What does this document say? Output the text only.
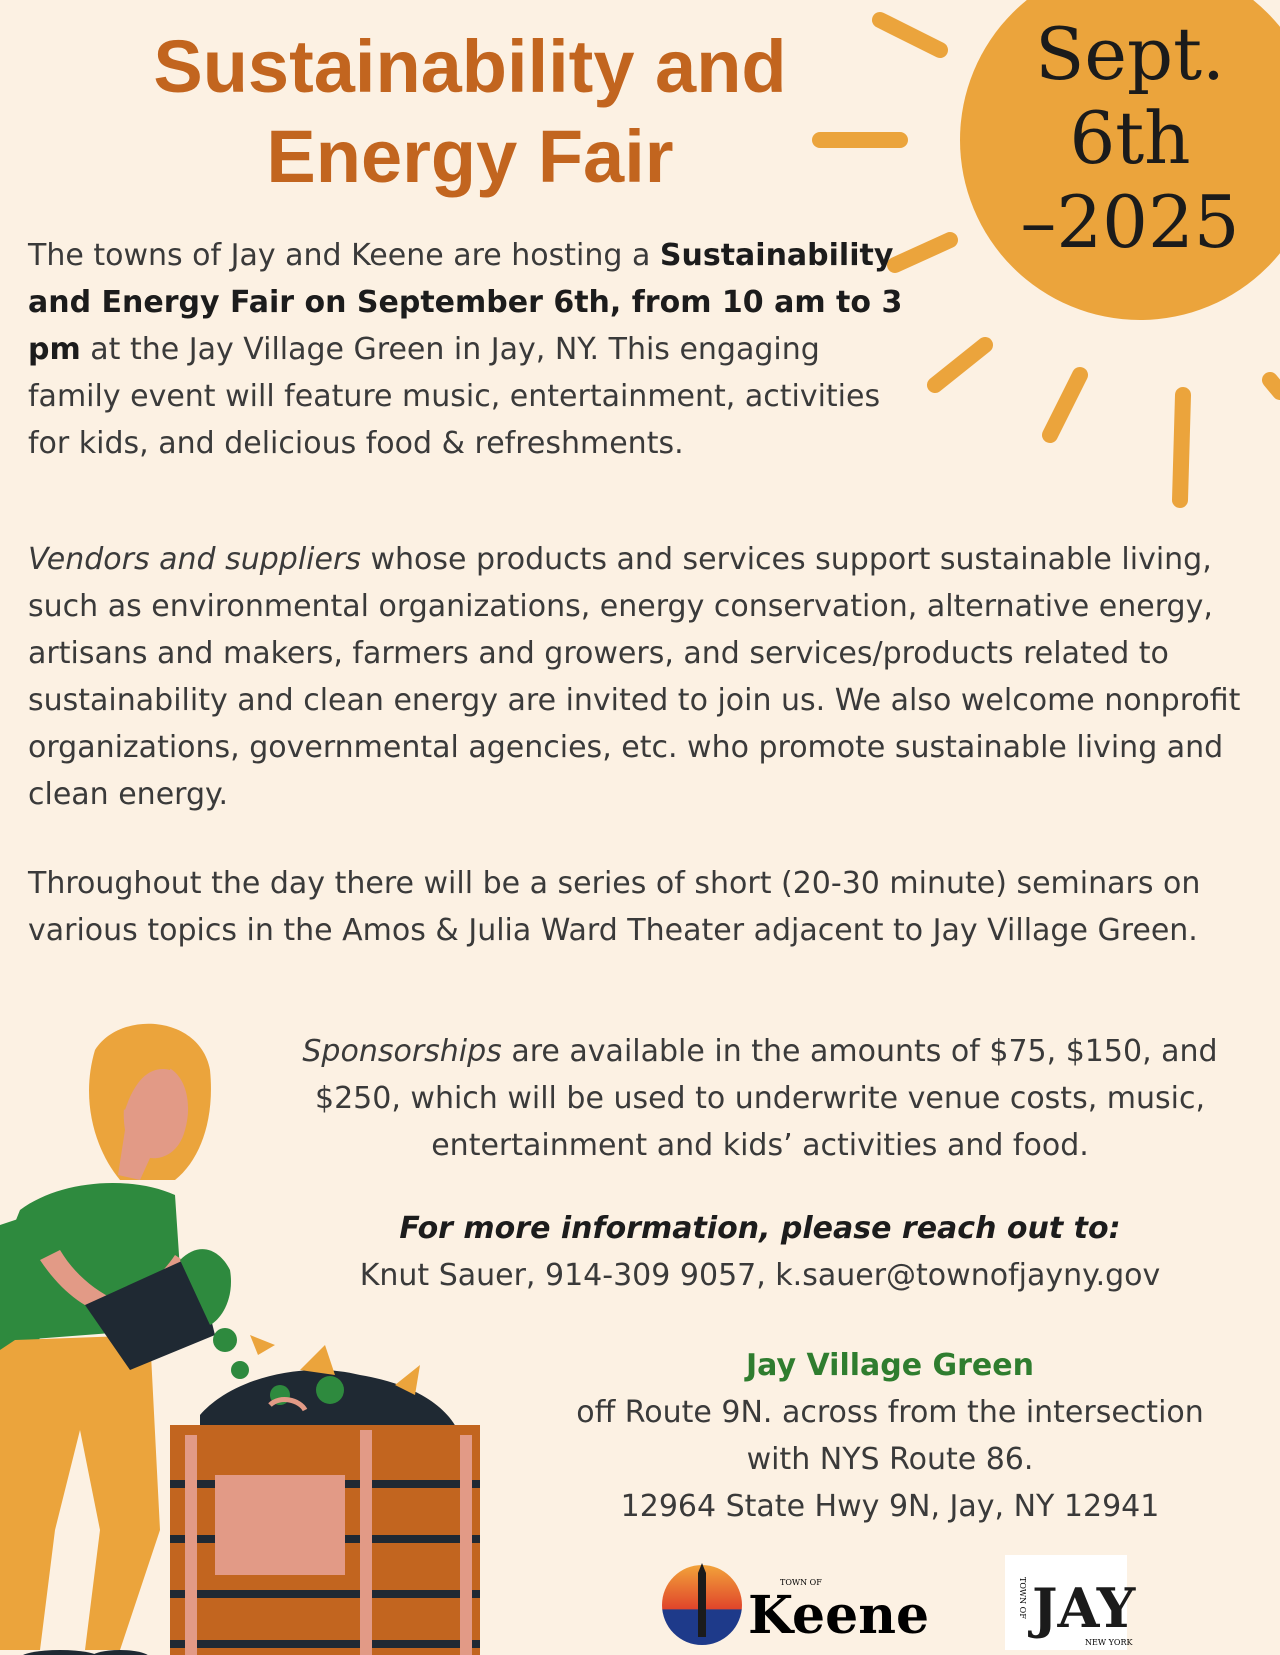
Sept.
6th
–2025
Sustainability and
Energy Fair

The towns of Jay and Keene are hosting a Sustainability and Energy Fair on September 6th, from 10 am to 3 pm at the Jay Village Green in Jay, NY. This engaging family event will feature music, entertainment, activities for kids, and delicious food & refreshments.

Vendors and suppliers whose products and services support sustainable living, such as environmental organizations, energy conservation, alternative energy, artisans and makers, farmers and growers, and services/products related to sustainability and clean energy are invited to join us. We also welcome nonprofit organizations, governmental agencies, etc. who promote sustainable living and clean energy.

Throughout the day there will be a series of short (20-30 minute) seminars on various topics in the Amos & Julia Ward Theater adjacent to Jay Village Green.

Sponsorships are available in the amounts of $75, $150, and $250, which will be used to underwrite venue costs, music, entertainment and kids’ activities and food.

For more information, please reach out to:
Knut Sauer, 914-309 9057, k.sauer@townofjayny.gov
Jay Village Green
off Route 9N. across from the intersection
with NYS Route 86.
12964 State Hwy 9N, Jay, NY 12941
TOWN OF
Keene	TOWN OF JAY
NEW YORK
